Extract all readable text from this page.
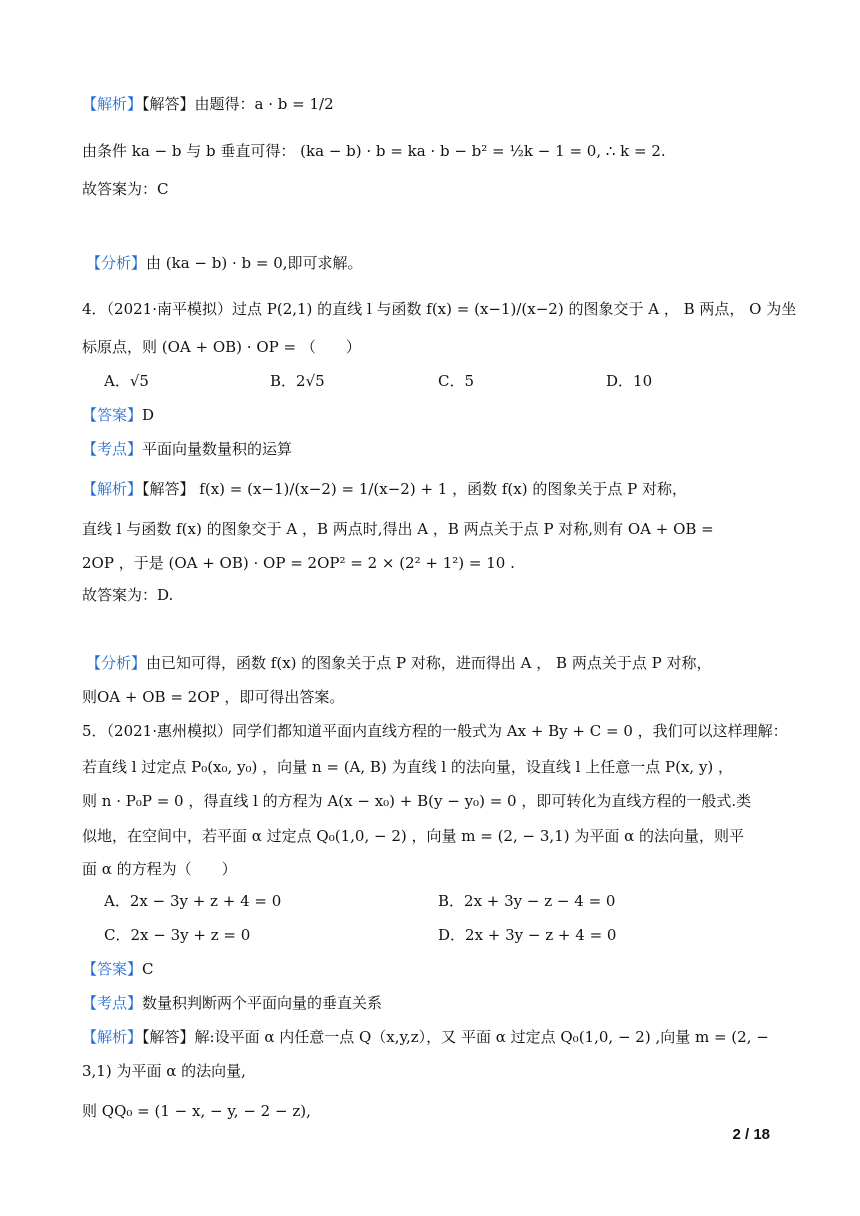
【解析】【解答】由题得：a · b = 1/2
由条件 ka − b 与 b 垂直可得： (ka − b) · b = ka · b − b² = ½k − 1 = 0, ∴ k = 2.
故答案为：C
【分析】由 (ka − b) · b = 0,即可求解。
4．（2021·南平模拟）过点 P(2,1) 的直线 l 与函数 f(x) = (x−1)/(x−2) 的图象交于 A ， B 两点， O 为坐
标原点，则 (OA + OB) · OP = （　　）
A．√5	B．2√5	C．5	D．10
【答案】D
【考点】平面向量数量积的运算
【解析】【解答】 f(x) = (x−1)/(x−2) = 1/(x−2) + 1 ，函数 f(x) 的图象关于点 P 对称，
直线 l 与函数 f(x) 的图象交于 A ，B 两点时,得出 A ，B 两点关于点 P 对称,则有 OA + OB =
2OP ，于是 (OA + OB) · OP = 2OP² = 2 × (2² + 1²) = 10 .
故答案为：D.
【分析】由已知可得，函数 f(x) 的图象关于点 P 对称，进而得出 A ， B 两点关于点 P 对称，
则OA + OB = 2OP ，即可得出答案。
5．（2021·惠州模拟）同学们都知道平面内直线方程的一般式为 Ax + By + C = 0 ，我们可以这样理解：
若直线 l 过定点 P₀(x₀, y₀) ，向量 n = (A, B) 为直线 l 的法向量，设直线 l 上任意一点 P(x, y) ，
则 n · P₀P = 0 ，得直线 l 的方程为 A(x − x₀) + B(y − y₀) = 0 ，即可转化为直线方程的一般式.类
似地，在空间中，若平面 α 过定点 Q₀(1,0, − 2) ，向量 m = (2, − 3,1) 为平面 α 的法向量，则平
面 α 的方程为（　　）
A．2x − 3y + z + 4 = 0	B．2x + 3y − z − 4 = 0
C．2x − 3y + z = 0	D．2x + 3y − z + 4 = 0
【答案】C
【考点】数量积判断两个平面向量的垂直关系
【解析】【解答】解:设平面 α 内任意一点 Q（x,y,z），又 平面 α 过定点 Q₀(1,0, − 2) ,向量 m = (2, −
3,1) 为平面 α 的法向量,
则 QQ₀ = (1 − x, − y, − 2 − z),
2 / 18
